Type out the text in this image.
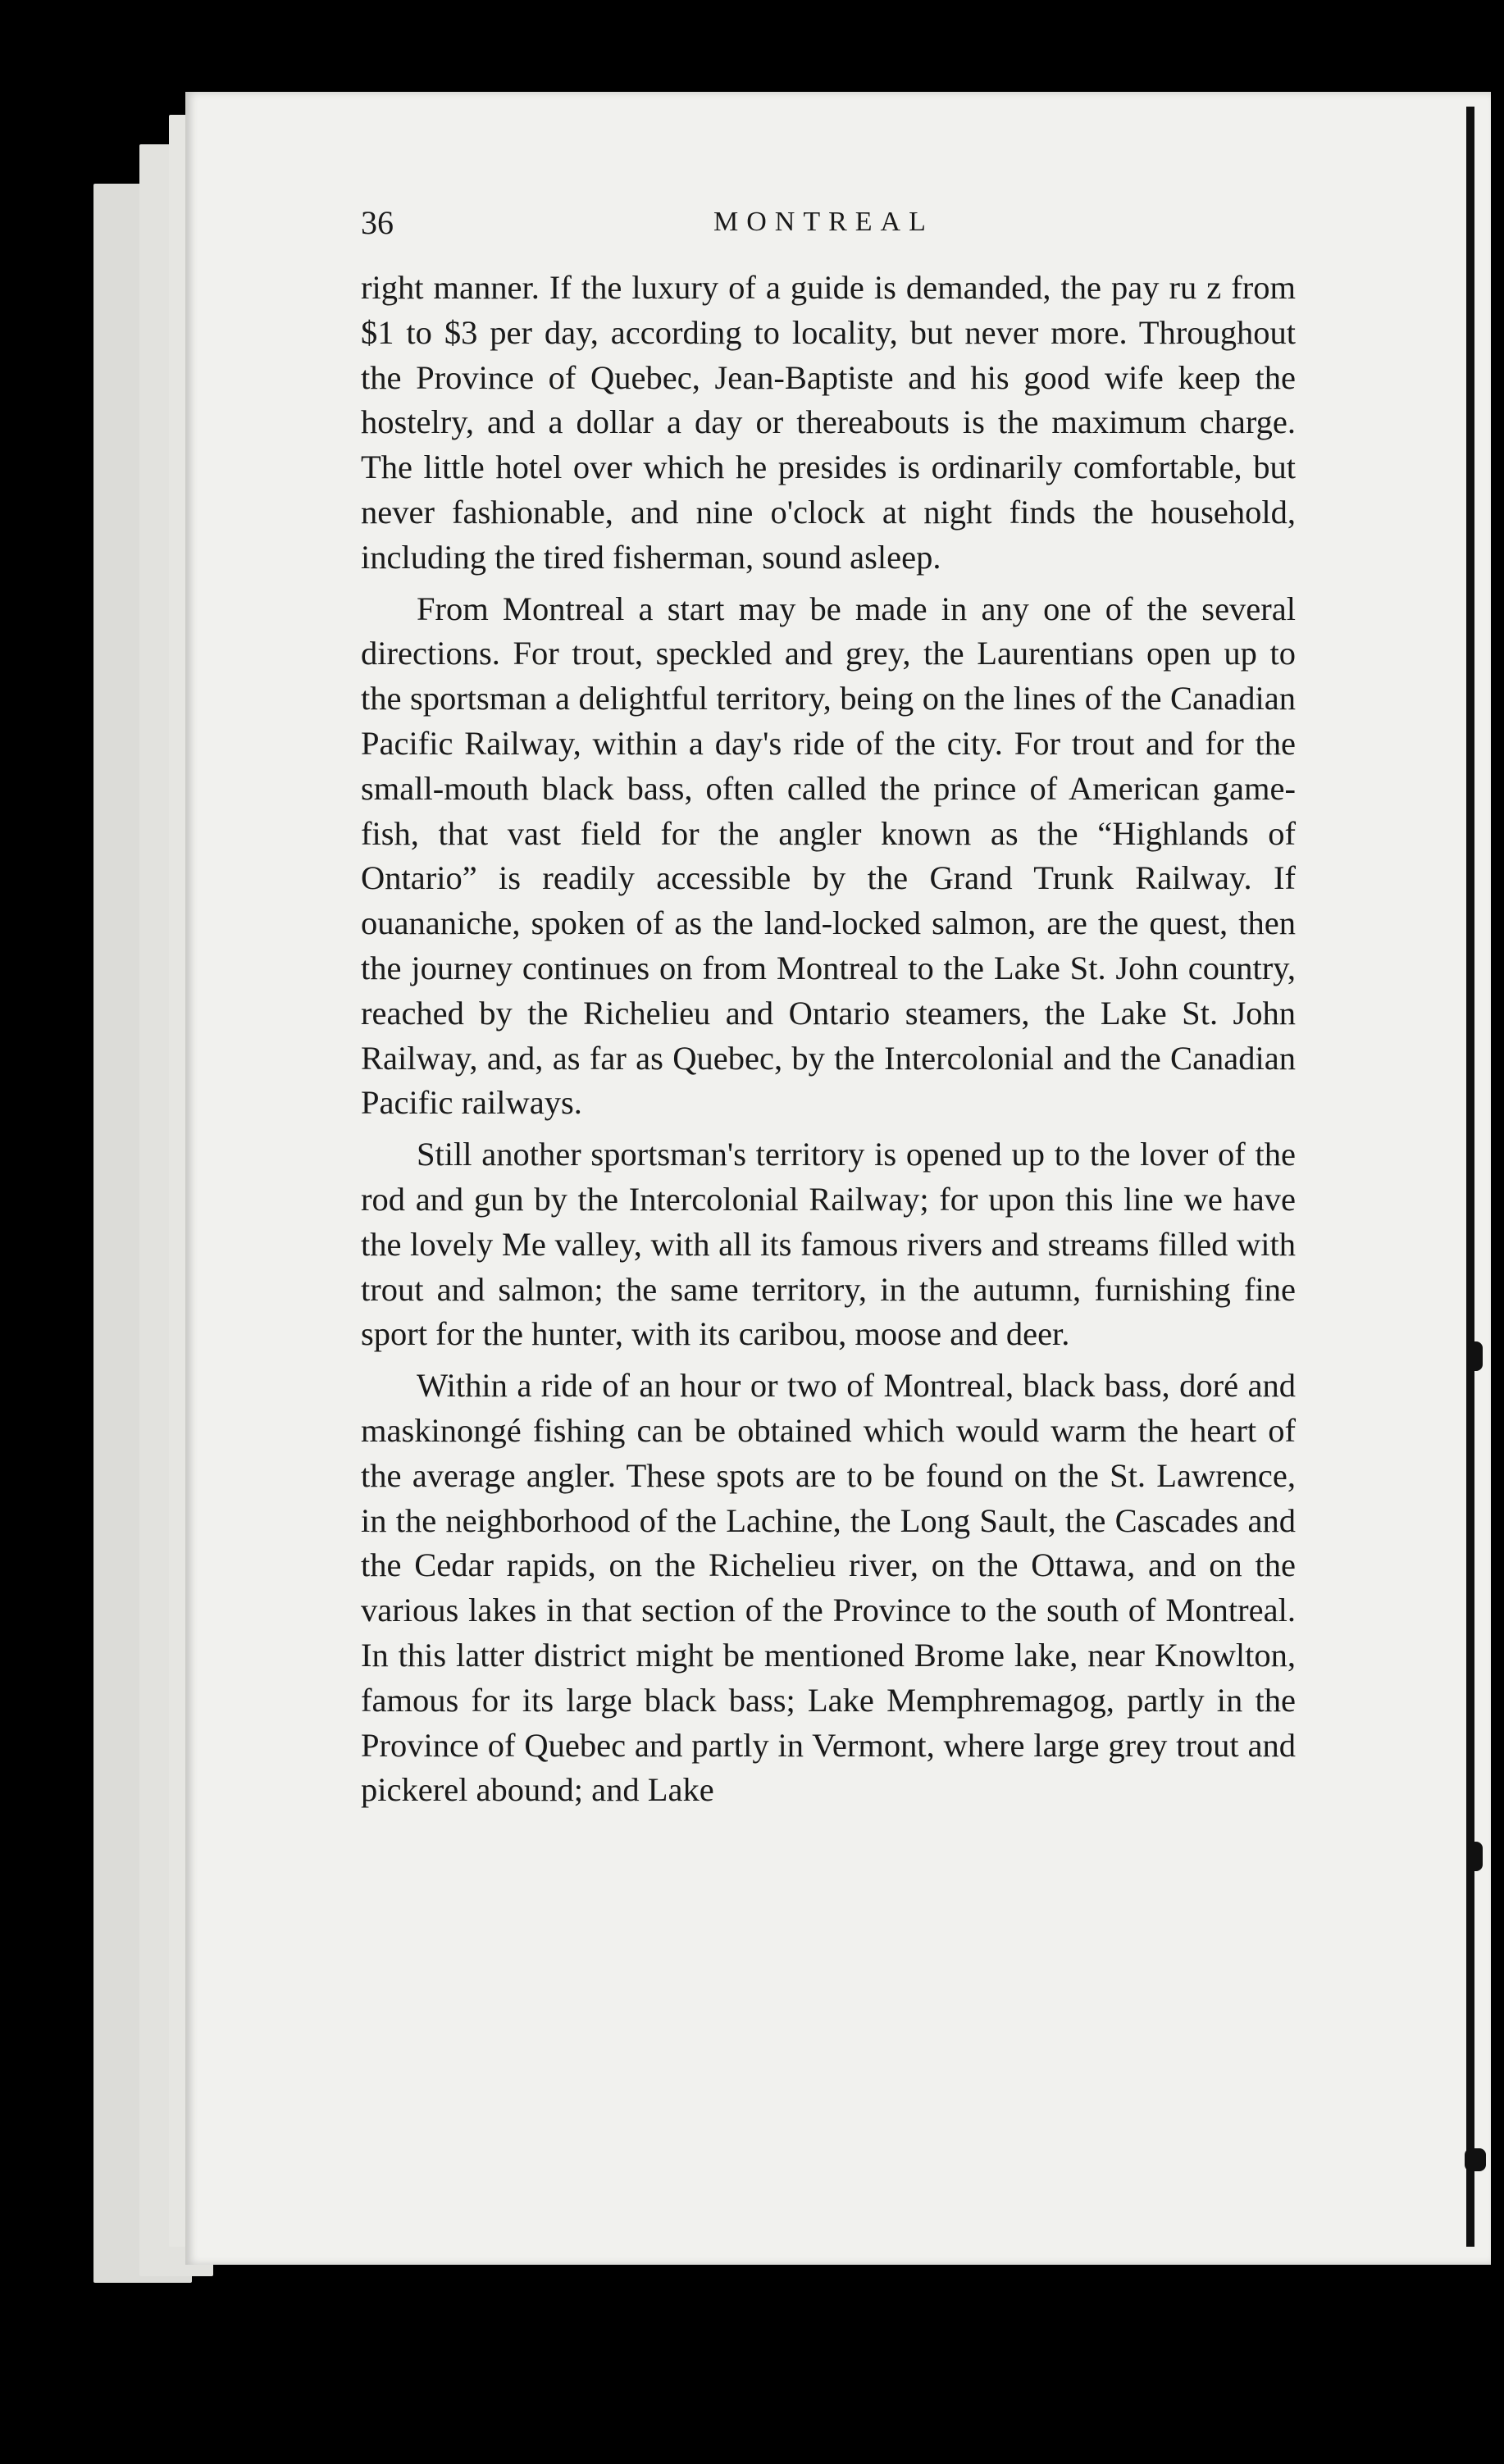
36	MONTREAL

right manner. If the luxury of a guide is demanded, the pay ru z from $1 to $3 per day, according to locality, but never more. Throughout the Province of Quebec, Jean-Baptiste and his good wife keep the hostelry, and a dollar a day or thereabouts is the maximum charge. The little hotel over which he presides is ordinarily comfortable, but never fashionable, and nine o'clock at night finds the household, including the tired fisherman, sound asleep.

From Montreal a start may be made in any one of the several directions. For trout, speckled and grey, the Laurentians open up to the sportsman a delightful territory, being on the lines of the Canadian Pacific Railway, within a day's ride of the city. For trout and for the small-mouth black bass, often called the prince of American game-fish, that vast field for the angler known as the “Highlands of Ontario” is readily accessible by the Grand Trunk Railway. If ouananiche, spoken of as the land-locked salmon, are the quest, then the journey continues on from Montreal to the Lake St. John country, reached by the Richelieu and Ontario steamers, the Lake St. John Railway, and, as far as Quebec, by the Intercolonial and the Canadian Pacific railways.

Still another sportsman's territory is opened up to the lover of the rod and gun by the Intercolonial Railway; for upon this line we have the lovely Me valley, with all its famous rivers and streams filled with trout and salmon; the same territory, in the autumn, furnishing fine sport for the hunter, with its caribou, moose and deer.

Within a ride of an hour or two of Montreal, black bass, doré and maskinongé fishing can be obtained which would warm the heart of the average angler. These spots are to be found on the St. Lawrence, in the neighborhood of the Lachine, the Long Sault, the Cascades and the Cedar rapids, on the Richelieu river, on the Ottawa, and on the various lakes in that section of the Province to the south of Montreal. In this latter district might be mentioned Brome lake, near Knowlton, famous for its large black bass; Lake Memphremagog, partly in the Province of Quebec and partly in Vermont, where large grey trout and pickerel abound; and Lake
